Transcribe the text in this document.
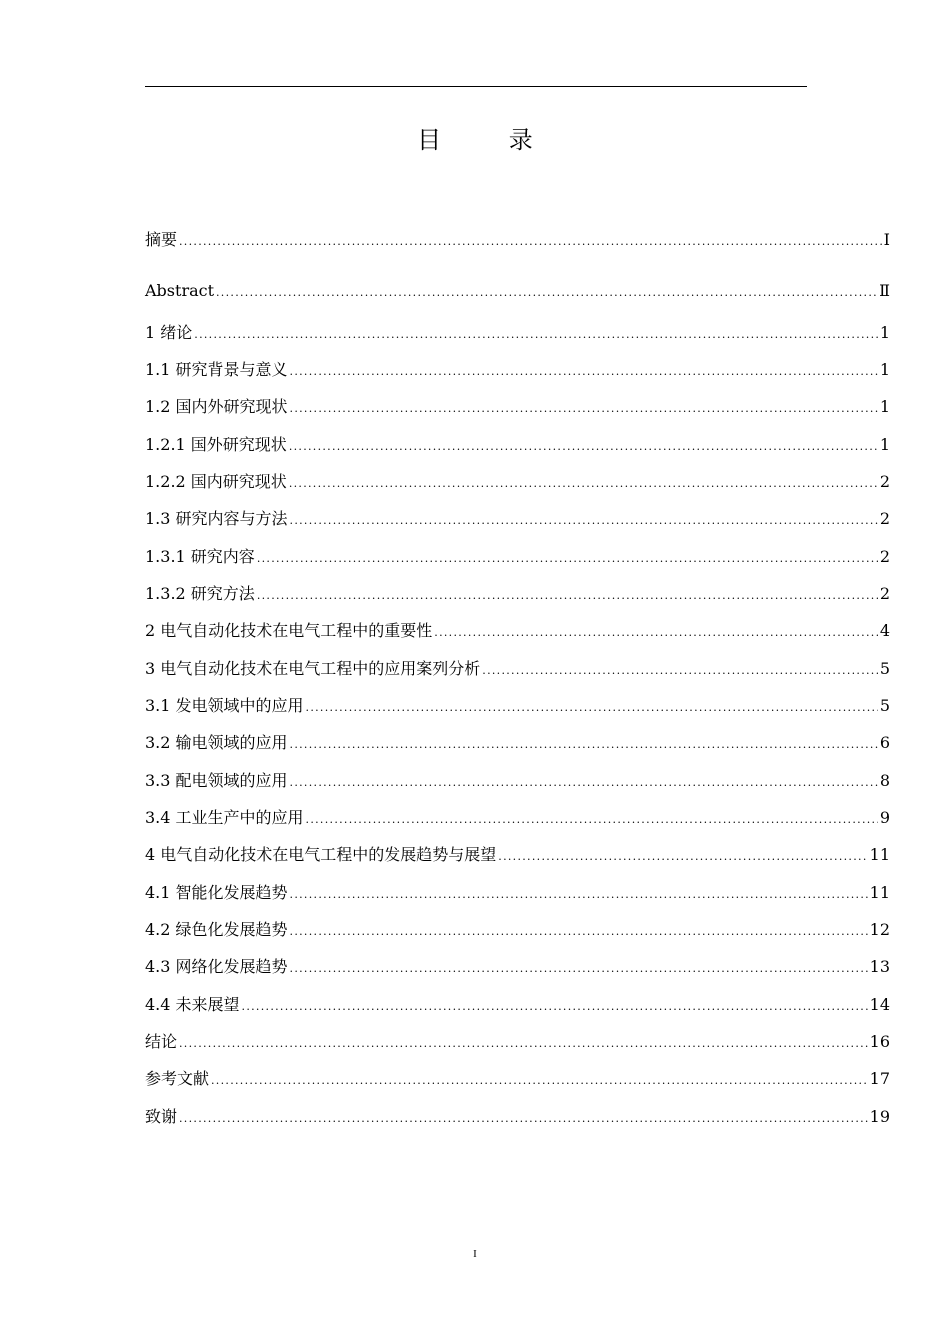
目 录
摘要 .....	Ⅰ
Abstract .....	Ⅱ
1 绪论 .....	1
1.1 研究背景与意义 .....	1
1.2 国内外研究现状 .....	1
1.2.1 国外研究现状 .....	1
1.2.2 国内研究现状 .....	2
1.3 研究内容与方法 .....	2
1.3.1 研究内容 .....	2
1.3.2 研究方法 .....	2
2 电气自动化技术在电气工程中的重要性 .....	4
3 电气自动化技术在电气工程中的应用案列分析 .....	5
3.1 发电领域中的应用 .....	5
3.2 输电领域的应用 .....	6
3.3 配电领域的应用 .....	8
3.4 工业生产中的应用 .....	9
4 电气自动化技术在电气工程中的发展趋势与展望 .....	11
4.1 智能化发展趋势 .....	11
4.2 绿色化发展趋势 .....	12
4.3 网络化发展趋势 .....	13
4.4 未来展望 .....	14
结论 .....	16
参考文献 .....	17
致谢 .....	19
I
